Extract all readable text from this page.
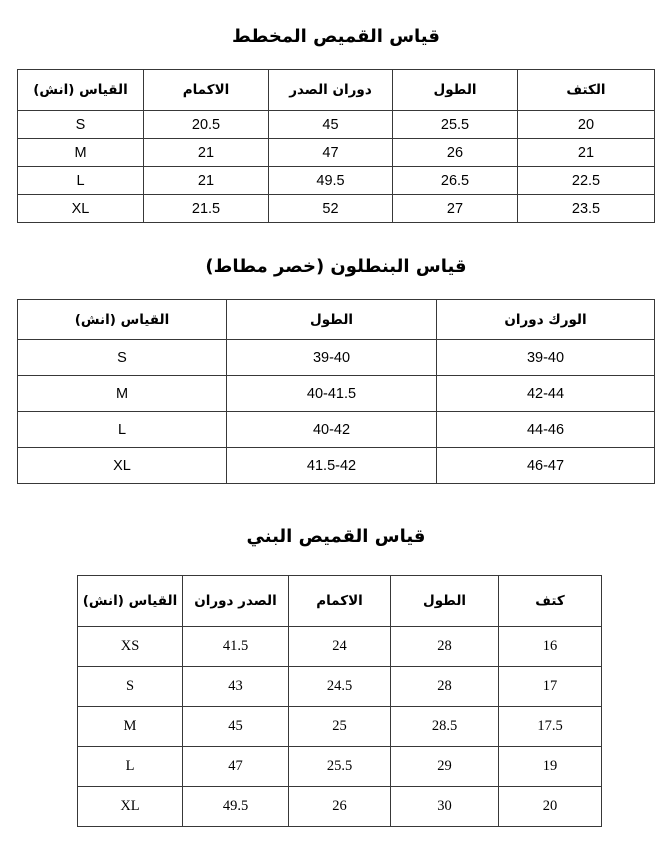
قياس القميص المخطط
القياس (انش)	الاكمام	دوران الصدر	الطول	الكتف
S	20.5	45	25.5	20
M	21	47	26	21
L	21	49.5	26.5	22.5
XL	21.5	52	27	23.5
قياس البنطلون (خصر مطاط)
القياس (انش)	الطول	الورك دوران
S	39-40	39-40
M	40-41.5	42-44
L	40-42	44-46
XL	41.5-42	46-47
قياس القميص البني
القياس (انش)	الصدر دوران	الاكمام	الطول	كتف
XS	41.5	24	28	16
S	43	24.5	28	17
M	45	25	28.5	17.5
L	47	25.5	29	19
XL	49.5	26	30	20
